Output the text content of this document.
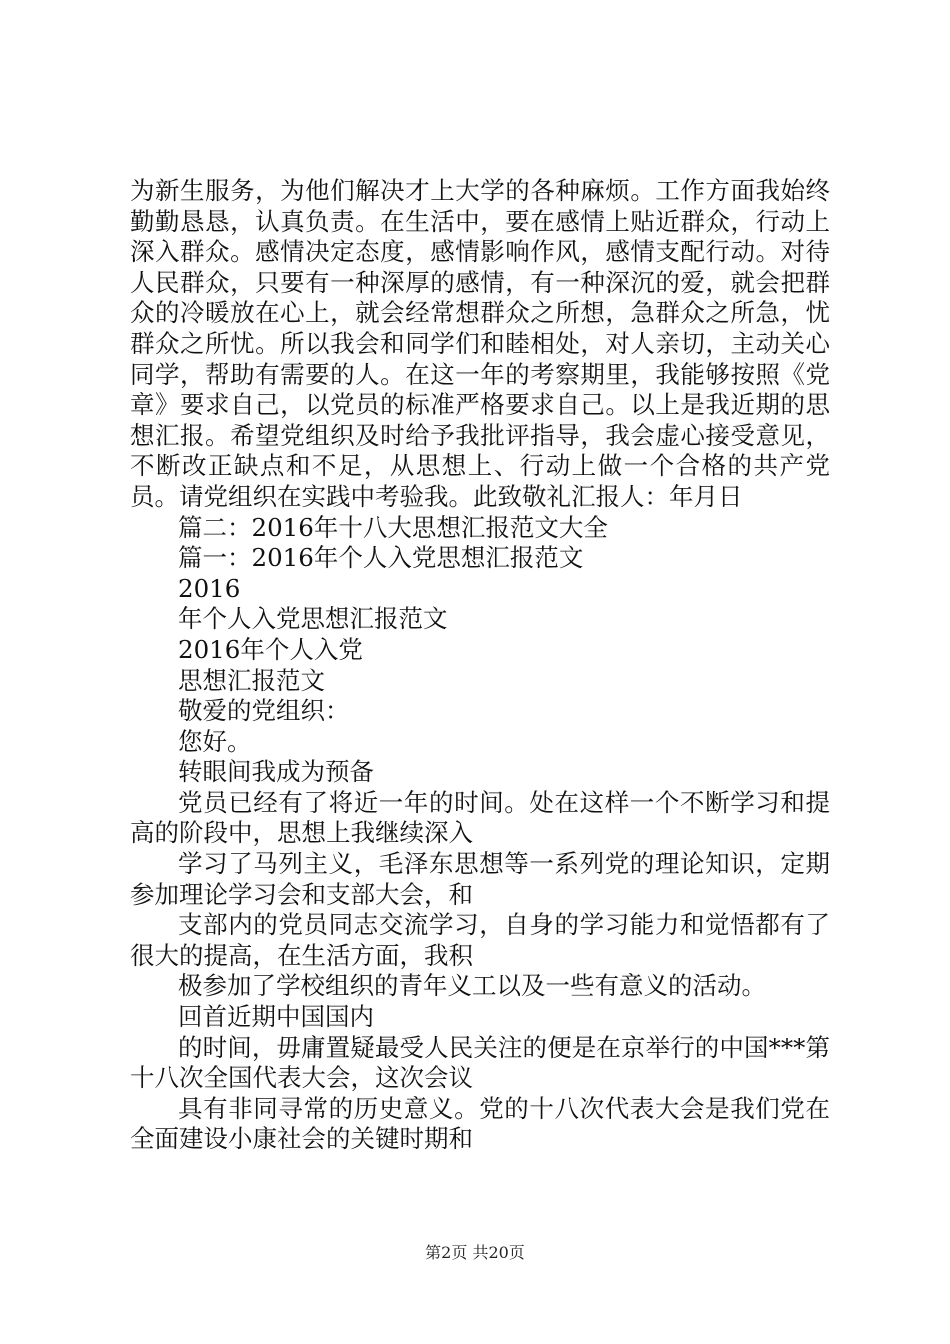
为新生服务，为他们解决才上大学的各种麻烦。工作方面我始终勤勤恳恳，认真负责。在生活中，要在感情上贴近群众，行动上深入群众。感情决定态度，感情影响作风，感情支配行动。对待人民群众，只要有一种深厚的感情，有一种深沉的爱，就会把群众的冷暖放在心上，就会经常想群众之所想，急群众之所急，忧群众之所忧。所以我会和同学们和睦相处，对人亲切，主动关心同学，帮助有需要的人。在这一年的考察期里，我能够按照《党章》要求自己，以党员的标准严格要求自己。以上是我近期的思想汇报。希望党组织及时给予我批评指导，我会虚心接受意见，不断改正缺点和不足，从思想上、行动上做一个合格的共产党员。请党组织在实践中考验我。此致敬礼汇报人：年月日

篇二：2016年十八大思想汇报范文大全

篇一：2016年个人入党思想汇报范文

2016

年个人入党思想汇报范文

2016年个人入党

思想汇报范文

敬爱的党组织：

您好。

转眼间我成为预备

党员已经有了将近一年的时间。处在这样一个不断学习和提高的阶段中，思想上我继续深入

学习了马列主义，毛泽东思想等一系列党的理论知识，定期参加理论学习会和支部大会，和

支部内的党员同志交流学习，自身的学习能力和觉悟都有了很大的提高，在生活方面，我积

极参加了学校组织的青年义工以及一些有意义的活动。

回首近期中国国内

的时间，毋庸置疑最受人民关注的便是在京举行的中国***第十八次全国代表大会，这次会议

具有非同寻常的历史意义。党的十八次代表大会是我们党在全面建设小康社会的关键时期和

第2页 共20页
